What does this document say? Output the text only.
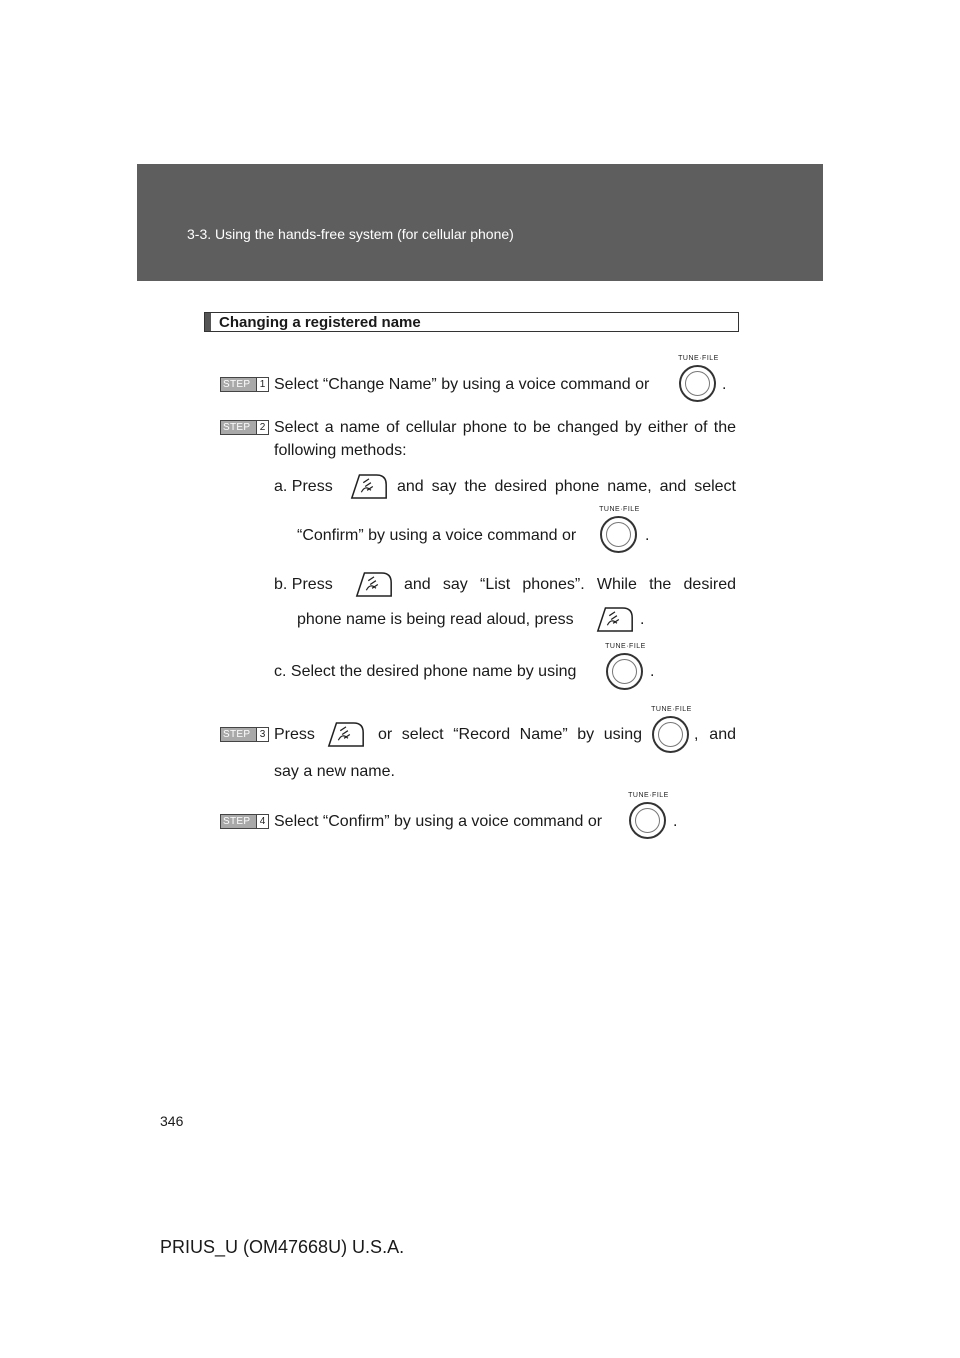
3-3. Using the hands-free system (for cellular phone)
Changing a registered name
STEP 1 Select “Change Name” by using a voice command or
TUNE·FILE
.
STEP 2 Select a name of cellular phone to be changed by either of the
following methods:
a. Press	and say the desired phone name, and select
“Confirm” by using a voice command or
TUNE·FILE
.
b. Press	and say “List phones”. While the desired
phone name is being read aloud, press	.
c. Select the desired phone name by using
TUNE·FILE
.
STEP 3 Press	or select “Record Name” by using
TUNE·FILE
, and
say a new name.
STEP 4 Select “Confirm” by using a voice command or
TUNE·FILE
.
346
PRIUS_U (OM47668U) U.S.A.
